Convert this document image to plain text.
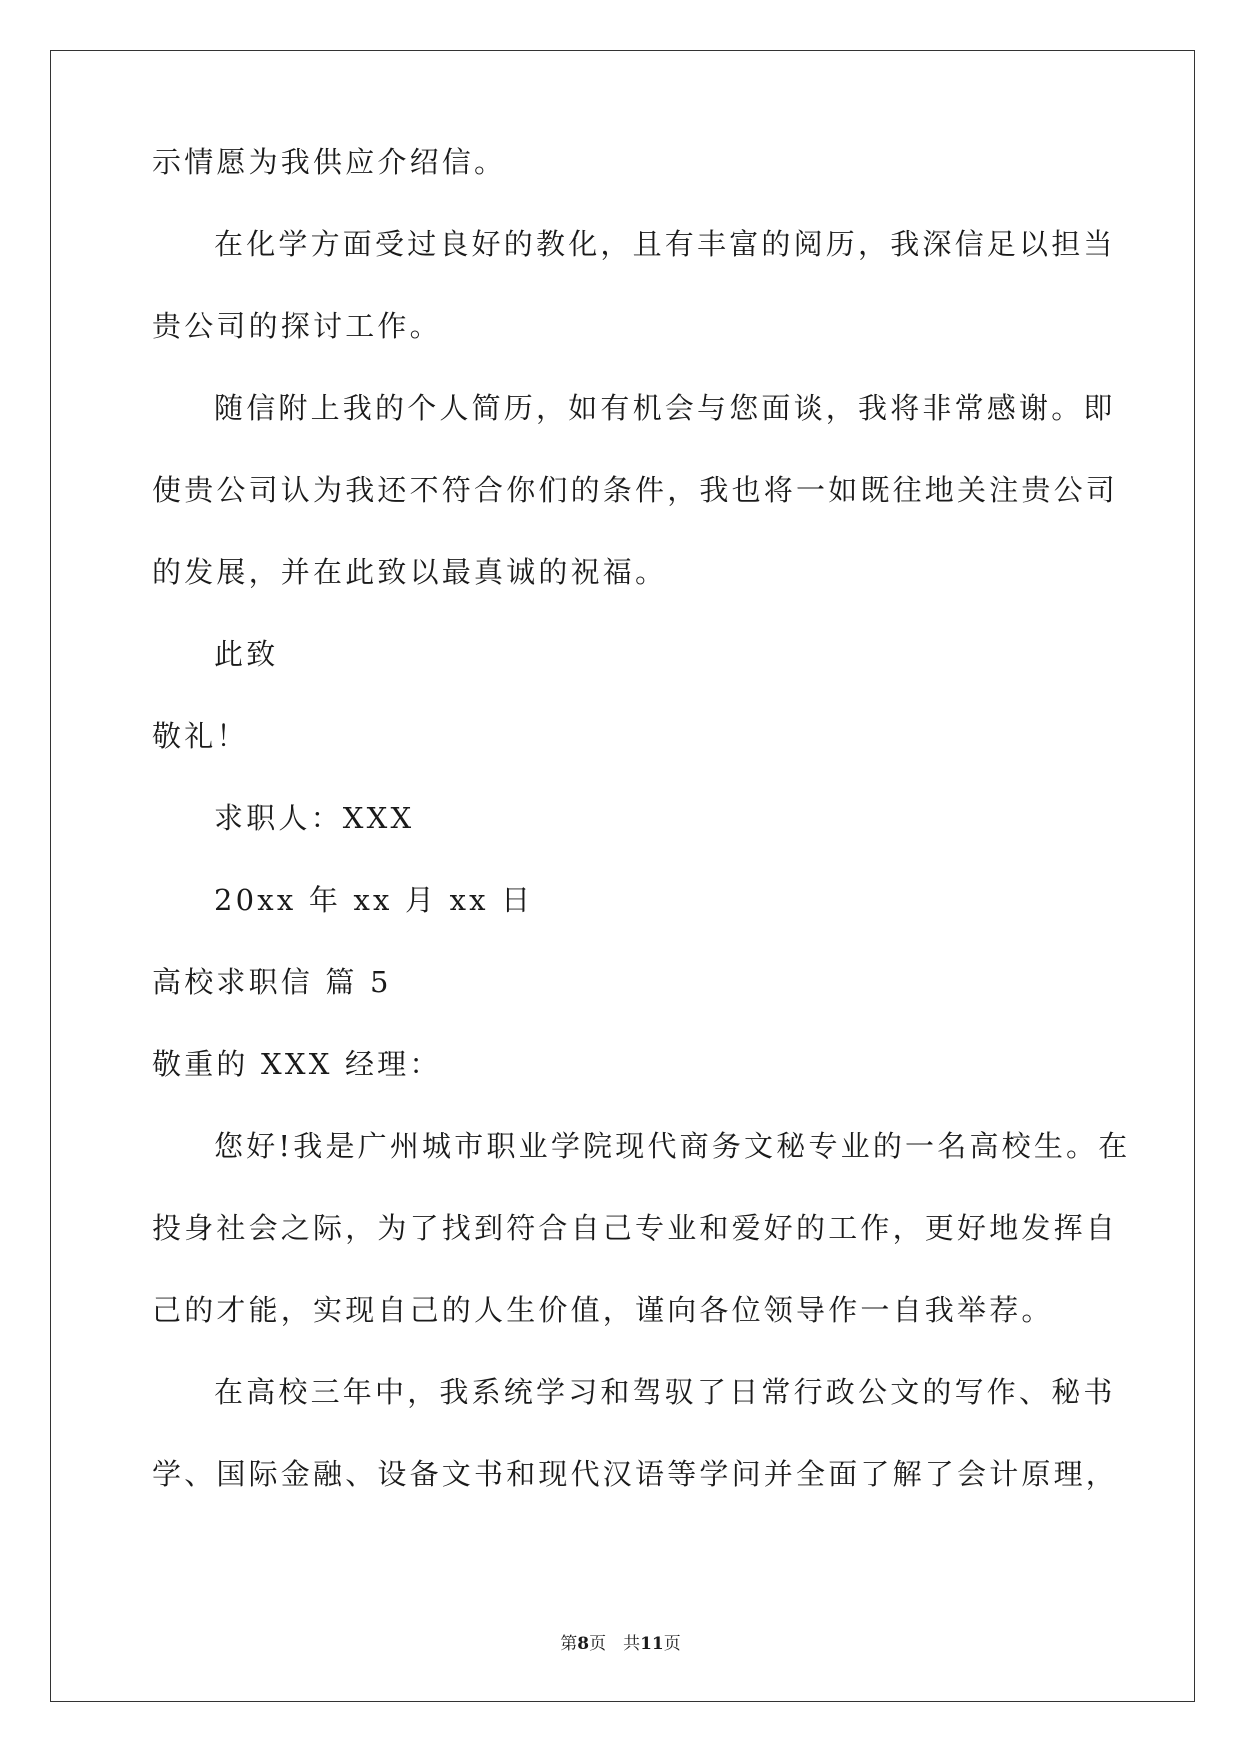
示情愿为我供应介绍信。
在化学方面受过良好的教化，且有丰富的阅历，我深信足以担当
贵公司的探讨工作。
随信附上我的个人简历，如有机会与您面谈，我将非常感谢。即
使贵公司认为我还不符合你们的条件，我也将一如既往地关注贵公司
的发展，并在此致以最真诚的祝福。
此致
敬礼！
求职人：XXX
20xx 年 xx 月 xx 日
高校求职信 篇 5
敬重的 XXX 经理：
您好!我是广州城市职业学院现代商务文秘专业的一名高校生。在
投身社会之际，为了找到符合自己专业和爱好的工作，更好地发挥自
己的才能，实现自己的人生价值，谨向各位领导作一自我举荐。
在高校三年中，我系统学习和驾驭了日常行政公文的写作、秘书
学、国际金融、设备文书和现代汉语等学问并全面了解了会计原理，
第8页　共11页
